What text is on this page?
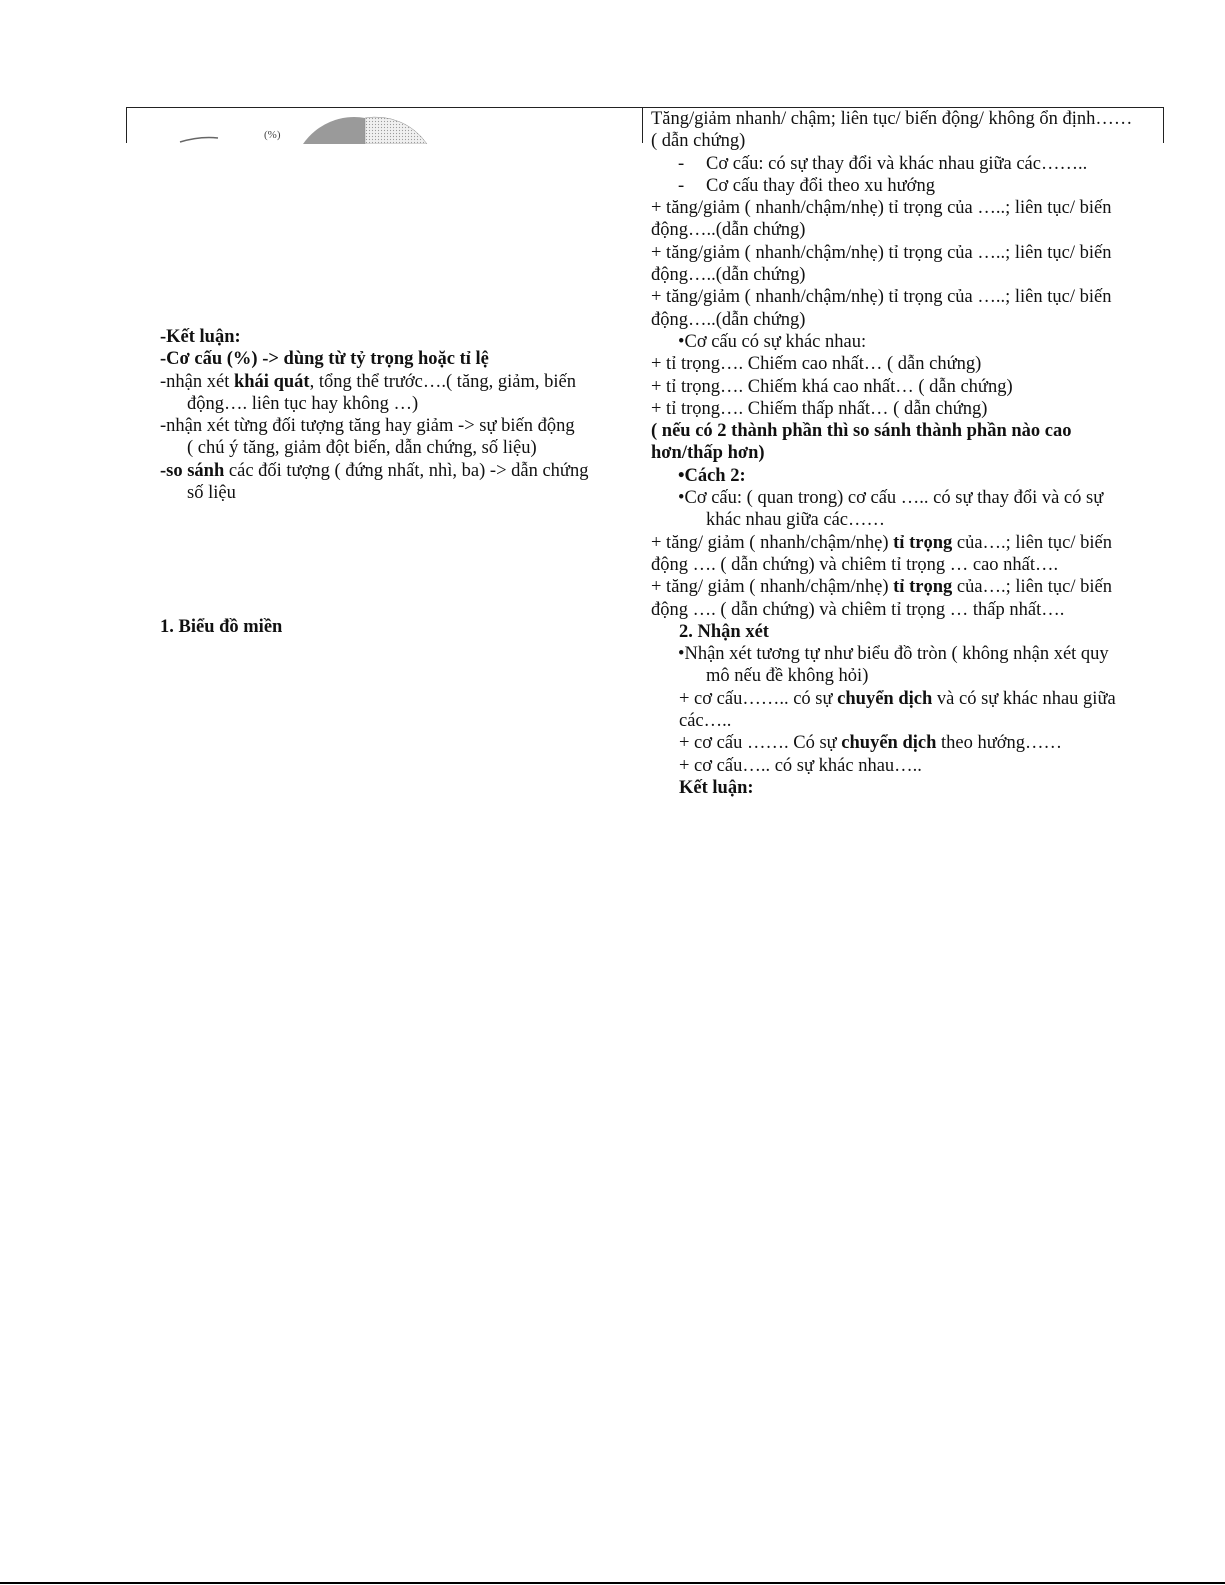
(%)
-Kết luận:
-Cơ cấu (%) -> dùng từ tỷ trọng hoặc tỉ lệ
-nhận xét khái quát, tổng thể trước….( tăng, giảm, biến
động…. liên tục hay không …)
-nhận xét từng đối tượng tăng hay giảm -> sự biến động
( chú ý tăng, giảm đột biến, dẫn chứng, số liệu)
-so sánh các đối tượng ( đứng nhất, nhì, ba) -> dẫn chứng
số liệu
1. Biểu đồ miền
Tăng/giảm nhanh/ chậm; liên tục/ biến động/ không ổn định……
( dẫn chứng)
- Cơ cấu: có sự thay đổi và khác nhau giữa các……..
- Cơ cấu thay đổi theo xu hướng
+ tăng/giảm ( nhanh/chậm/nhẹ) tỉ trọng của …..; liên tục/ biến
động…..(dẫn chứng)
+ tăng/giảm ( nhanh/chậm/nhẹ) tỉ trọng của …..; liên tục/ biến
động…..(dẫn chứng)
+ tăng/giảm ( nhanh/chậm/nhẹ) tỉ trọng của …..; liên tục/ biến
động…..(dẫn chứng)
•Cơ cấu có sự khác nhau:
+ tỉ trọng…. Chiếm cao nhất… ( dẫn chứng)
+ tỉ trọng…. Chiếm khá cao nhất… ( dẫn chứng)
+ tỉ trọng…. Chiếm thấp nhất… ( dẫn chứng)
( nếu có 2 thành phần thì so sánh thành phần nào cao
hơn/thấp hơn)
•Cách 2:
•Cơ cấu: ( quan trong) cơ cấu ….. có sự thay đổi và có sự
khác nhau giữa các……
+ tăng/ giảm ( nhanh/chậm/nhẹ) tỉ trọng của….; liên tục/ biến
động …. ( dẫn chứng) và chiêm tỉ trọng … cao nhất….
+ tăng/ giảm ( nhanh/chậm/nhẹ) tỉ trọng của….; liên tục/ biến
động …. ( dẫn chứng) và chiêm tỉ trọng … thấp nhất….
2. Nhận xét
•Nhận xét tương tự như biểu đồ tròn ( không nhận xét quy
mô nếu đề không hỏi)
+ cơ cấu…….. có sự chuyển dịch và có sự khác nhau giữa
các…..
+ cơ cấu ……. Có sự chuyển dịch theo hướng……
+ cơ cấu….. có sự khác nhau…..
Kết luận:
